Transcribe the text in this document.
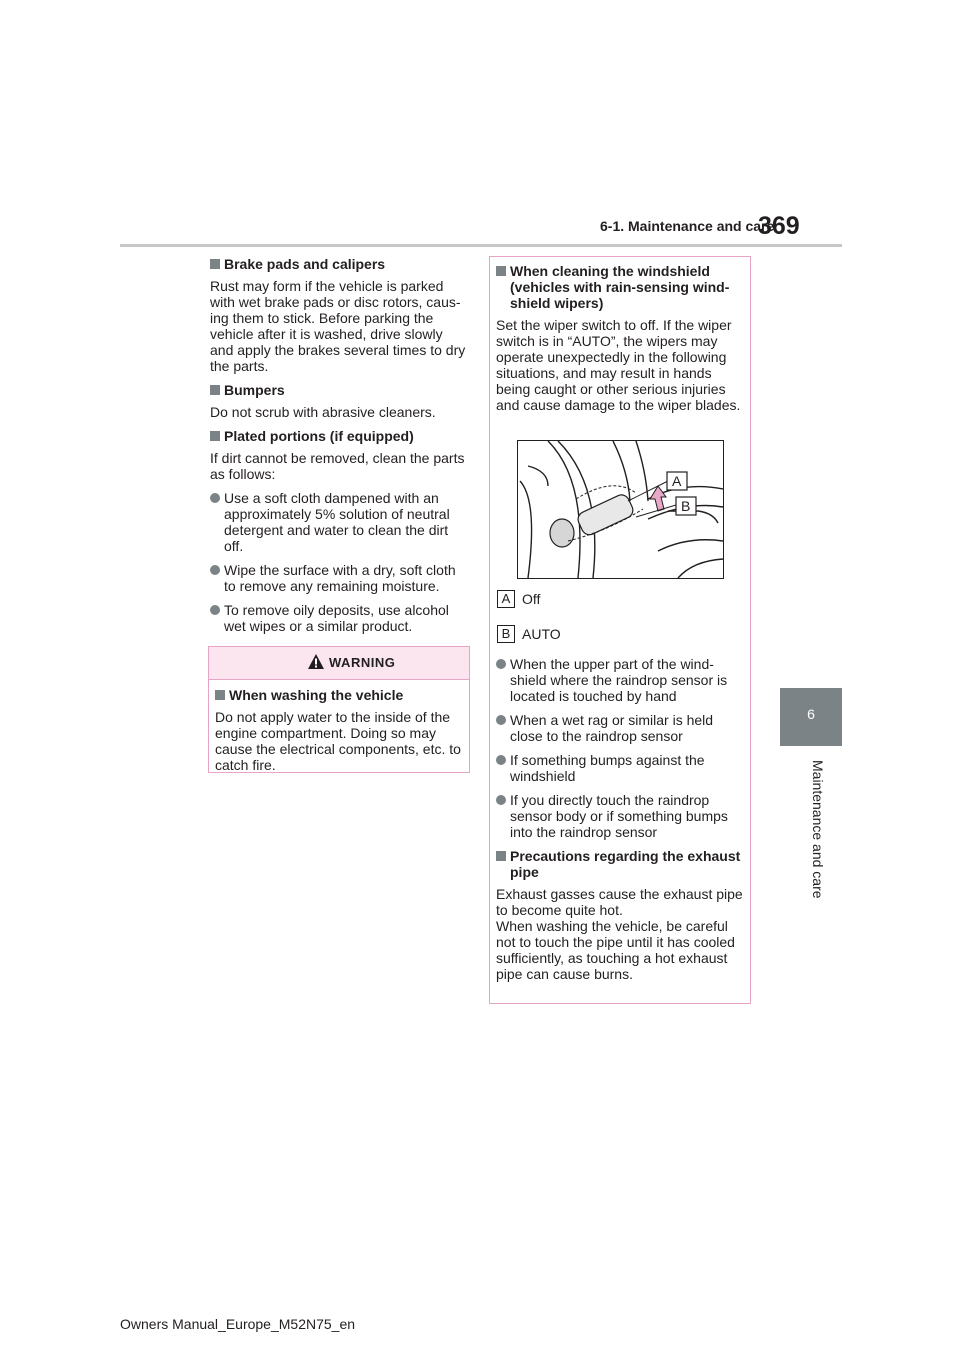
6-1. Maintenance and care
369
6
Maintenance and care

Brake pads and calipers

Rust may form if the vehicle is parked with wet brake pads or disc rotors, caus- ing them to stick. Before parking the vehicle after it is washed, drive slowly and apply the brakes several times to dry the parts.

Bumpers

Do not scrub with abrasive cleaners.

Plated portions (if equipped)

If dirt cannot be removed, clean the parts as follows:

Use a soft cloth dampened with an approximately 5% solution of neutral detergent and water to clean the dirt off.

Wipe the surface with a dry, soft cloth to remove any remaining moisture.

To remove oily deposits, use alcohol wet wipes or a similar product.

WARNING

When washing the vehicle

Do not apply water to the inside of the engine compartment. Doing so may cause the electrical components, etc. to catch fire.

When cleaning the windshield (vehicles with rain-sensing wind- shield wipers)

Set the wiper switch to off. If the wiper switch is in “AUTO”, the wipers may operate unexpectedly in the following situations, and may result in hands being caught or other serious injuries and cause damage to the wiper blades.

A
B
A Off
B AUTO

When the upper part of the wind- shield where the raindrop sensor is located is touched by hand

When a wet rag or similar is held close to the raindrop sensor

If something bumps against the windshield

If you directly touch the raindrop sensor body or if something bumps into the raindrop sensor

Precautions regarding the exhaust pipe

Exhaust gasses cause the exhaust pipe to become quite hot.

When washing the vehicle, be careful not to touch the pipe until it has cooled sufficiently, as touching a hot exhaust pipe can cause burns.

Owners Manual_Europe_M52N75_en
